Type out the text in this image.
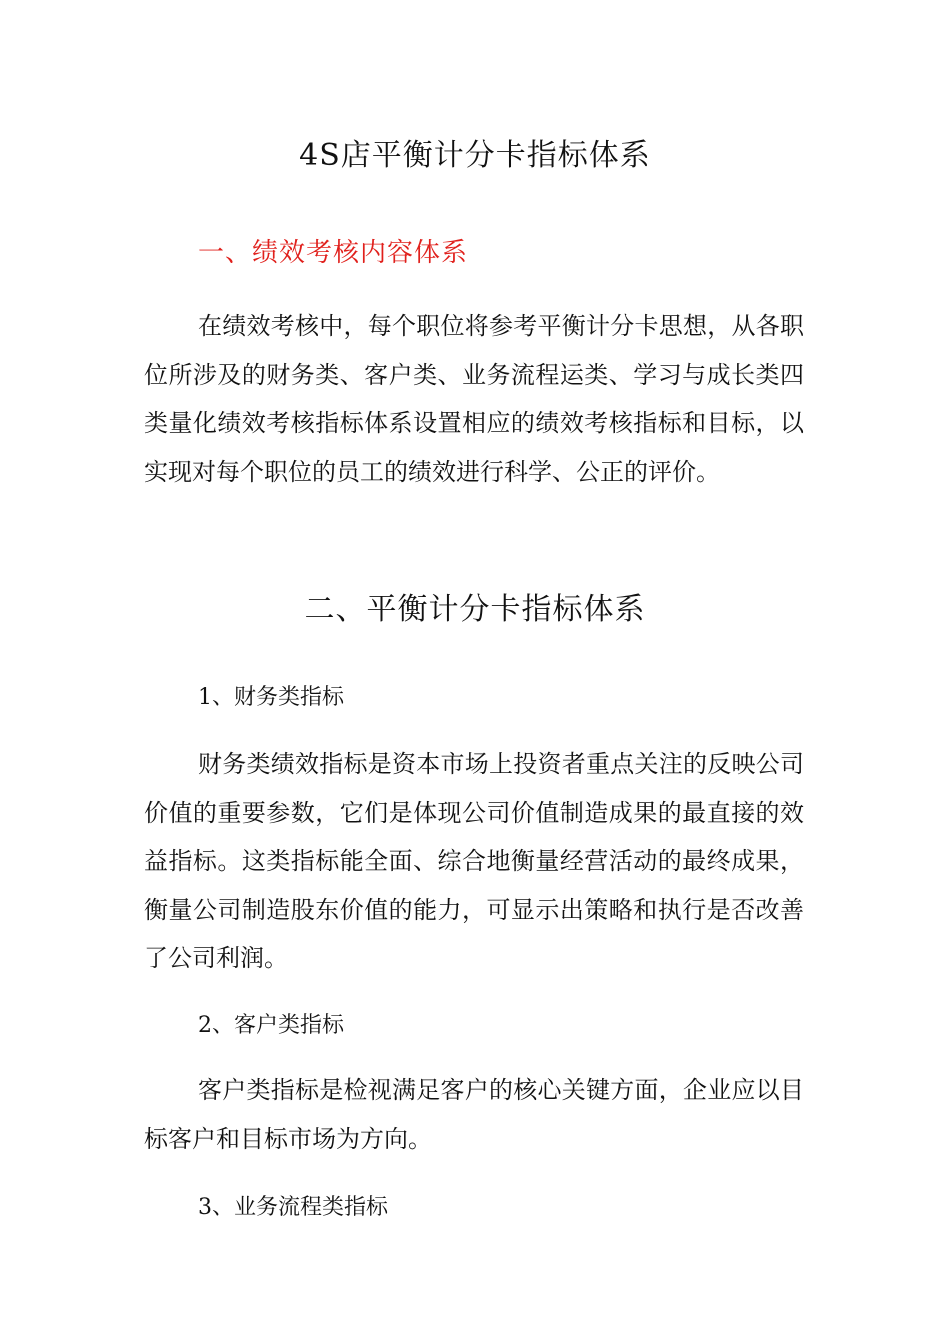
4S店平衡计分卡指标体系
一、绩效考核内容体系

在绩效考核中，每个职位将参考平衡计分卡思想，从各职位所涉及的财务类、客户类、业务流程运类、学习与成长类四类量化绩效考核指标体系设置相应的绩效考核指标和目标，以实现对每个职位的员工的绩效进行科学、公正的评价。

二、平衡计分卡指标体系
1、财务类指标

财务类绩效指标是资本市场上投资者重点关注的反映公司价值的重要参数，它们是体现公司价值制造成果的最直接的效益指标。这类指标能全面、综合地衡量经营活动的最终成果，衡量公司制造股东价值的能力，可显示出策略和执行是否改善了公司利润。

2、客户类指标

客户类指标是检视满足客户的核心关键方面，企业应以目标客户和目标市场为方向。

3、业务流程类指标
